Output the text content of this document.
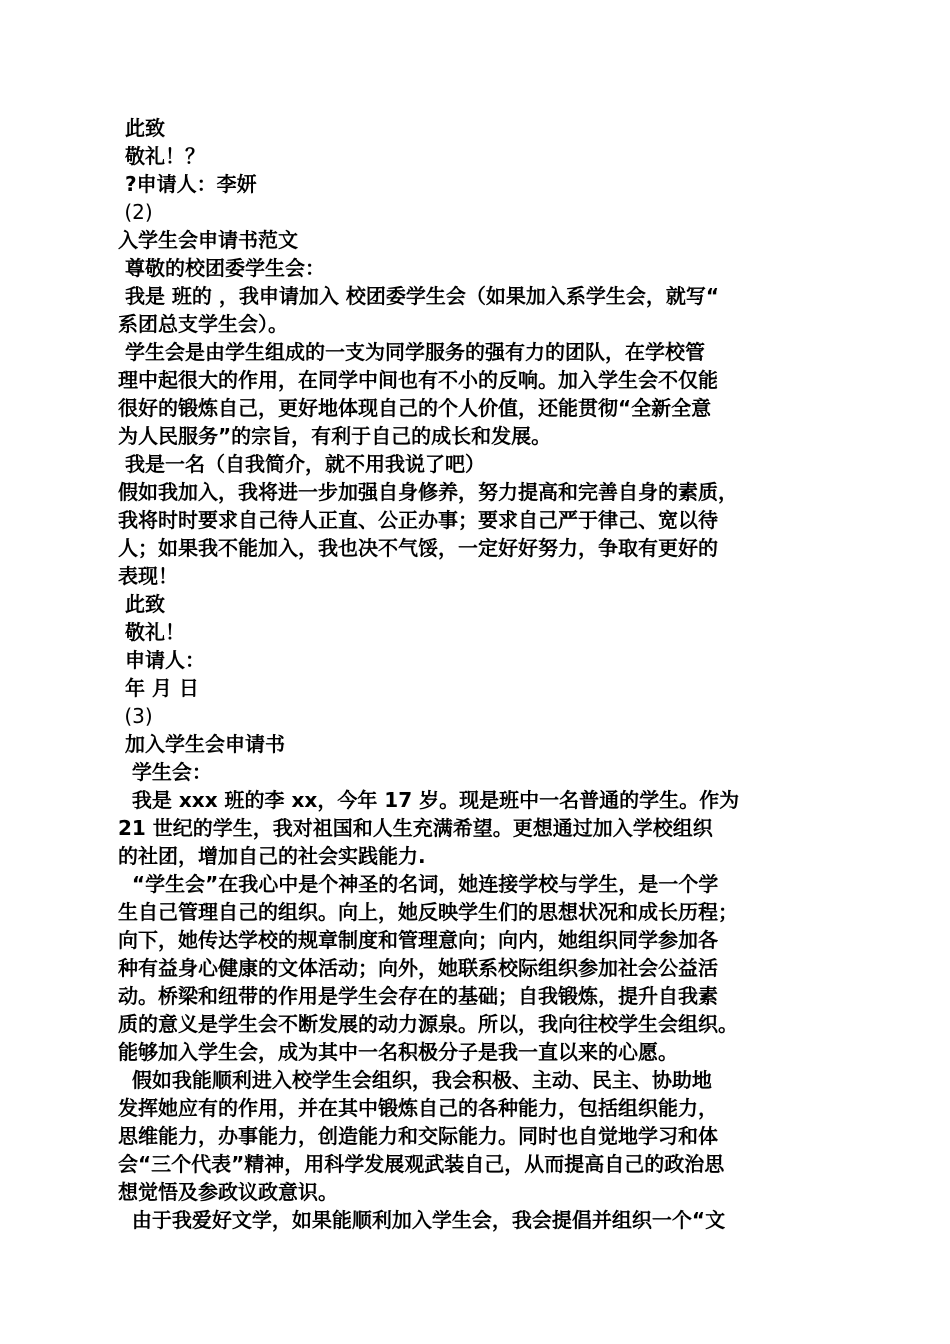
此致

敬礼！？

?申请人：李妍

(2)

入学生会申请书范文

尊敬的校团委学生会：

我是 班的 ，我申请加入 校团委学生会（如果加入系学生会，就写“

系团总支学生会）。

学生会是由学生组成的一支为同学服务的强有力的团队，在学校管

理中起很大的作用，在同学中间也有不小的反响。加入学生会不仅能

很好的锻炼自己，更好地体现自己的个人价值，还能贯彻“全新全意

为人民服务”的宗旨，有利于自己的成长和发展。

我是一名（自我简介，就不用我说了吧）

假如我加入，我将进一步加强自身修养，努力提高和完善自身的素质，

我将时时要求自己待人正直、公正办事；要求自己严于律己、宽以待

人；如果我不能加入，我也决不气馁，一定好好努力，争取有更好的

表现！

此致

敬礼！

申请人：

年 月 日

(3)

加入学生会申请书

学生会：

我是 xxx 班的李 xx，今年 17 岁。现是班中一名普通的学生。作为

21 世纪的学生，我对祖国和人生充满希望。更想通过加入学校组织

的社团，增加自己的社会实践能力.

“学生会”在我心中是个神圣的名词，她连接学校与学生，是一个学

生自己管理自己的组织。向上，她反映学生们的思想状况和成长历程；

向下，她传达学校的规章制度和管理意向；向内，她组织同学参加各

种有益身心健康的文体活动；向外，她联系校际组织参加社会公益活

动。桥梁和纽带的作用是学生会存在的基础；自我锻炼，提升自我素

质的意义是学生会不断发展的动力源泉。所以，我向往校学生会组织。

能够加入学生会，成为其中一名积极分子是我一直以来的心愿。

假如我能顺利进入校学生会组织，我会积极、主动、民主、协助地

发挥她应有的作用，并在其中锻炼自己的各种能力，包括组织能力，

思维能力，办事能力，创造能力和交际能力。同时也自觉地学习和体

会“三个代表”精神，用科学发展观武装自己，从而提高自己的政治思

想觉悟及参政议政意识。

由于我爱好文学，如果能顺利加入学生会，我会提倡并组织一个“文
